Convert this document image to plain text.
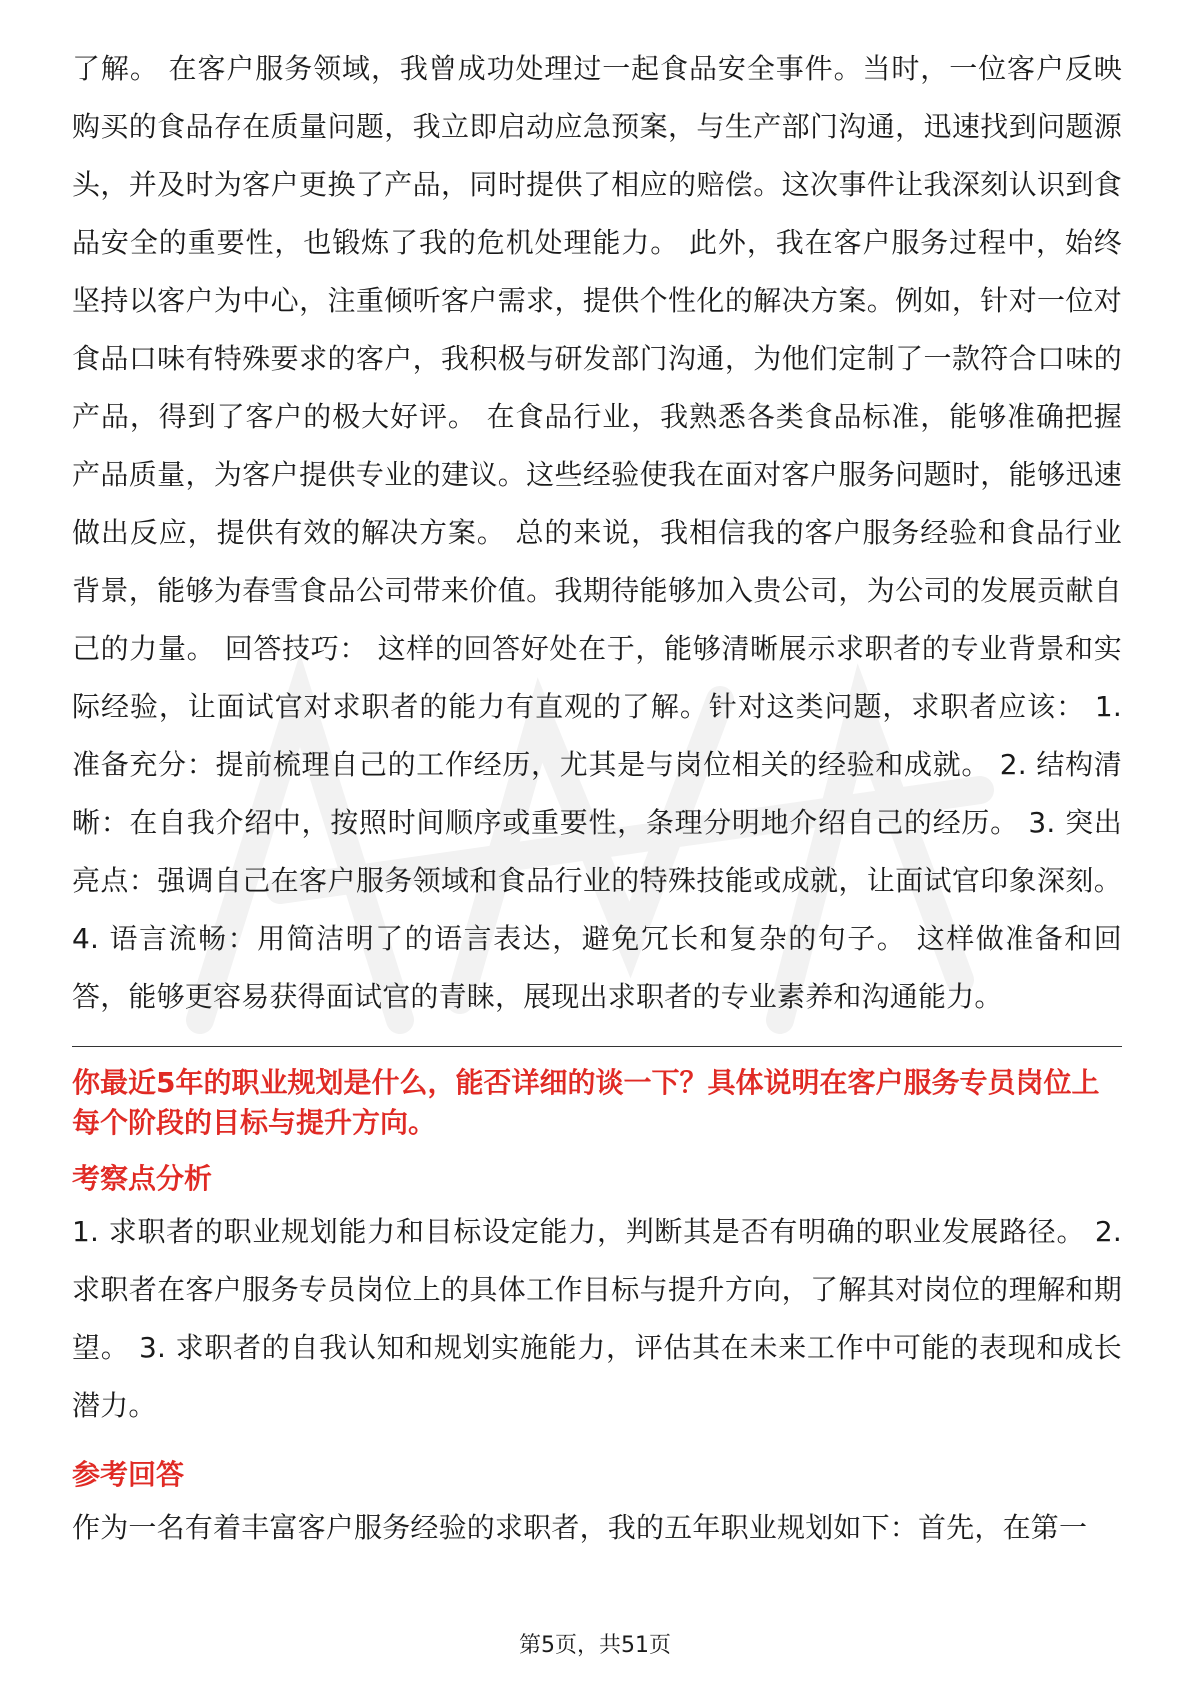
了解。 在客户服务领域，我曾成功处理过一起食品安全事件。当时，一位客户反映购买的食品存在质量问题，我立即启动应急预案，与生产部门沟通，迅速找到问题源头，并及时为客户更换了产品，同时提供了相应的赔偿。这次事件让我深刻认识到食品安全的重要性，也锻炼了我的危机处理能力。 此外，我在客户服务过程中，始终坚持以客户为中心，注重倾听客户需求，提供个性化的解决方案。例如，针对一位对食品口味有特殊要求的客户，我积极与研发部门沟通，为他们定制了一款符合口味的产品，得到了客户的极大好评。 在食品行业，我熟悉各类食品标准，能够准确把握产品质量，为客户提供专业的建议。这些经验使我在面对客户服务问题时，能够迅速做出反应，提供有效的解决方案。 总的来说，我相信我的客户服务经验和食品行业背景，能够为春雪食品公司带来价值。我期待能够加入贵公司，为公司的发展贡献自己的力量。 回答技巧： 这样的回答好处在于，能够清晰展示求职者的专业背景和实际经验，让面试官对求职者的能力有直观的了解。针对这类问题，求职者应该： 1. 准备充分：提前梳理自己的工作经历，尤其是与岗位相关的经验和成就。 2. 结构清晰：在自我介绍中，按照时间顺序或重要性，条理分明地介绍自己的经历。 3. 突出亮点：强调自己在客户服务领域和食品行业的特殊技能或成就，让面试官印象深刻。 4. 语言流畅：用简洁明了的语言表达，避免冗长和复杂的句子。 这样做准备和回答，能够更容易获得面试官的青睐，展现出求职者的专业素养和沟通能力。

你最近5年的职业规划是什么，能否详细的谈一下？具体说明在客户服务专员岗位上每个阶段的目标与提升方向。

考察点分析

1. 求职者的职业规划能力和目标设定能力，判断其是否有明确的职业发展路径。 2. 求职者在客户服务专员岗位上的具体工作目标与提升方向，了解其对岗位的理解和期望。 3. 求职者的自我认知和规划实施能力，评估其在未来工作中可能的表现和成长潜力。

参考回答

作为一名有着丰富客户服务经验的求职者，我的五年职业规划如下：首先，在第一

第5页，共51页
